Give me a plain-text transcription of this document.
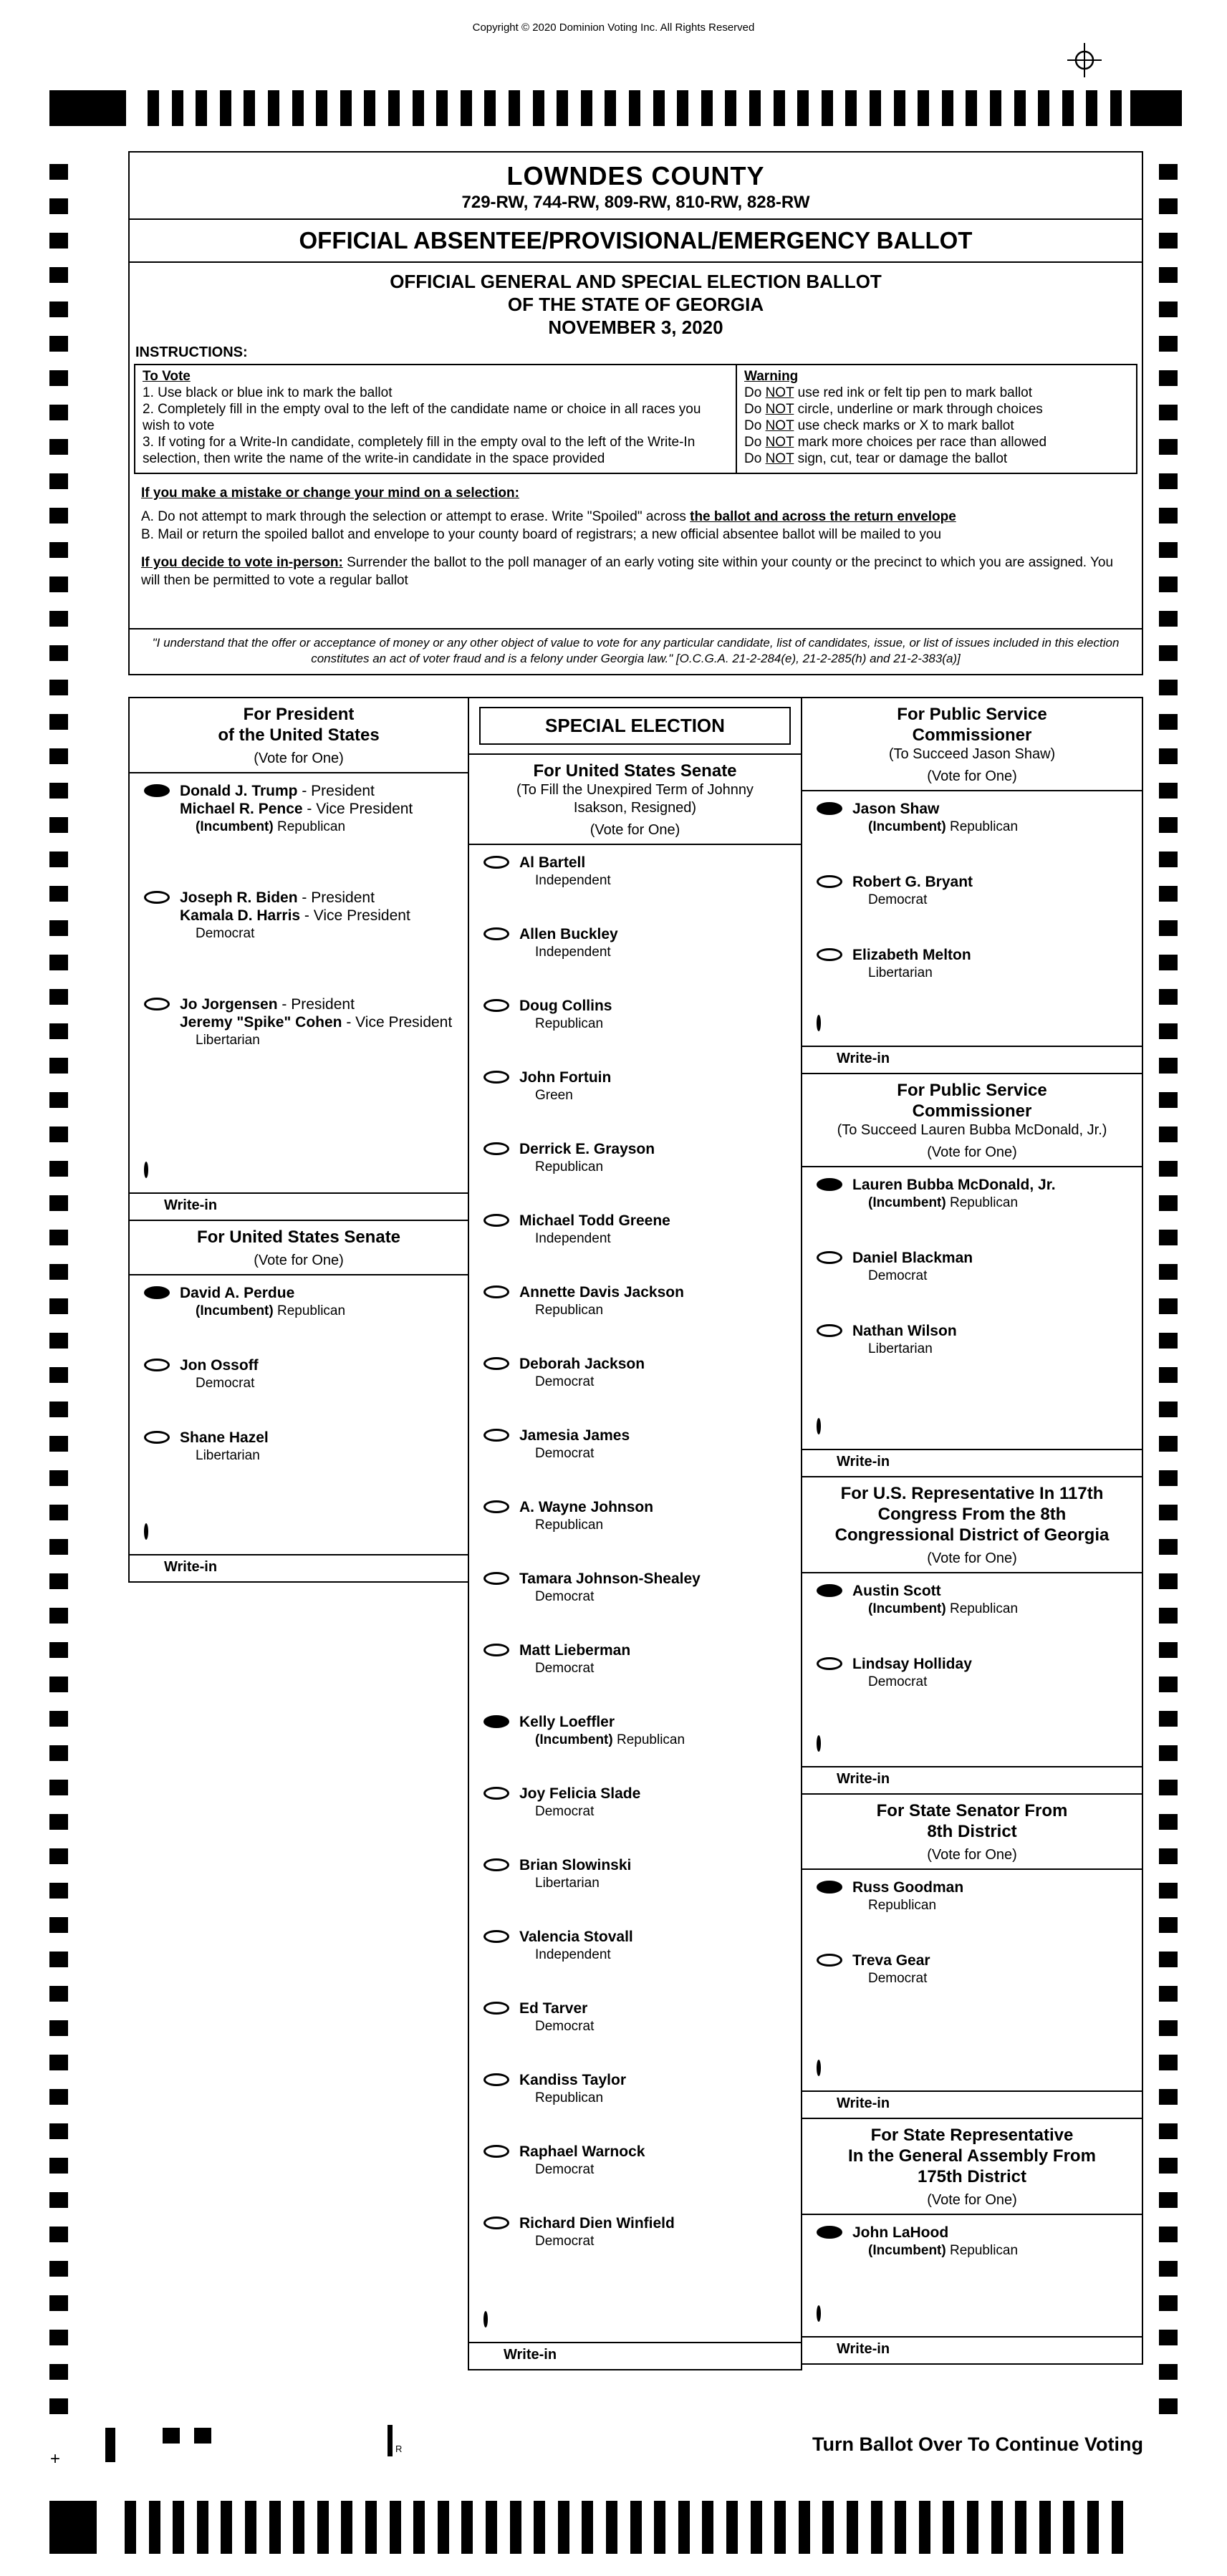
Copyright © 2020 Dominion Voting Inc. All Rights Reserved
LOWNDES COUNTY
729-RW, 744-RW, 809-RW, 810-RW, 828-RW
OFFICIAL ABSENTEE/PROVISIONAL/EMERGENCY BALLOT
OFFICIAL GENERAL AND SPECIAL ELECTION BALLOT
OF THE STATE OF GEORGIA
NOVEMBER 3, 2020
INSTRUCTIONS:
To Vote
1. Use black or blue ink to mark the ballot
2. Completely fill in the empty oval to the left of the candidate name or choice in all races you wish to vote
3. If voting for a Write-In candidate, completely fill in the empty oval to the left of the Write-In selection, then write the name of the write-in candidate in the space provided
Warning
Do NOT use red ink or felt tip pen to mark ballot
Do NOT circle, underline or mark through choices
Do NOT use check marks or X to mark ballot
Do NOT mark more choices per race than allowed
Do NOT sign, cut, tear or damage the ballot
If you make a mistake or change your mind on a selection:
A. Do not attempt to mark through the selection or attempt to erase. Write "Spoiled" across the ballot and across the return envelope
B. Mail or return the spoiled ballot and envelope to your county board of registrars; a new official absentee ballot will be mailed to you
If you decide to vote in-person: Surrender the ballot to the poll manager of an early voting site within your county or the precinct to which you are assigned. You will then be permitted to vote a regular ballot
"I understand that the offer or acceptance of money or any other object of value to vote for any particular candidate, list of candidates, issue, or list of issues included in this election constitutes an act of voter fraud and is a felony under Georgia law." [O.C.G.A. 21-2-284(e), 21-2-285(h) and 21-2-383(a)]
For President
of the United States
(Vote for One)
Donald J. Trump - President
Michael R. Pence - Vice President
(Incumbent) Republican
Joseph R. Biden - President
Kamala D. Harris - Vice President
Democrat
Jo Jorgensen - President
Jeremy "Spike" Cohen - Vice President
Libertarian
Write-in
For United States Senate
(Vote for One)
David A. Perdue
(Incumbent) Republican
Jon Ossoff
Democrat
Shane Hazel
Libertarian
Write-in
SPECIAL ELECTION
For United States Senate
(To Fill the Unexpired Term of Johnny
Isakson, Resigned)
(Vote for One)
Al Bartell
Independent
Allen Buckley
Independent
Doug Collins
Republican
John Fortuin
Green
Derrick E. Grayson
Republican
Michael Todd Greene
Independent
Annette Davis Jackson
Republican
Deborah Jackson
Democrat
Jamesia James
Democrat
A. Wayne Johnson
Republican
Tamara Johnson-Shealey
Democrat
Matt Lieberman
Democrat
Kelly Loeffler
(Incumbent) Republican
Joy Felicia Slade
Democrat
Brian Slowinski
Libertarian
Valencia Stovall
Independent
Ed Tarver
Democrat
Kandiss Taylor
Republican
Raphael Warnock
Democrat
Richard Dien Winfield
Democrat
Write-in
For Public Service
Commissioner
(To Succeed Jason Shaw)
(Vote for One)
Jason Shaw
(Incumbent) Republican
Robert G. Bryant
Democrat
Elizabeth Melton
Libertarian
Write-in
For Public Service
Commissioner
(To Succeed Lauren Bubba McDonald, Jr.)
(Vote for One)
Lauren Bubba McDonald, Jr.
(Incumbent) Republican
Daniel Blackman
Democrat
Nathan Wilson
Libertarian
Write-in
For U.S. Representative In 117th
Congress From the 8th
Congressional District of Georgia
(Vote for One)
Austin Scott
(Incumbent) Republican
Lindsay Holliday
Democrat
Write-in
For State Senator From
8th District
(Vote for One)
Russ Goodman
Republican
Treva Gear
Democrat
Write-in
For State Representative
In the General Assembly From
175th District
(Vote for One)
John LaHood
(Incumbent) Republican
Write-in
Turn Ballot Over To Continue Voting
+
R
